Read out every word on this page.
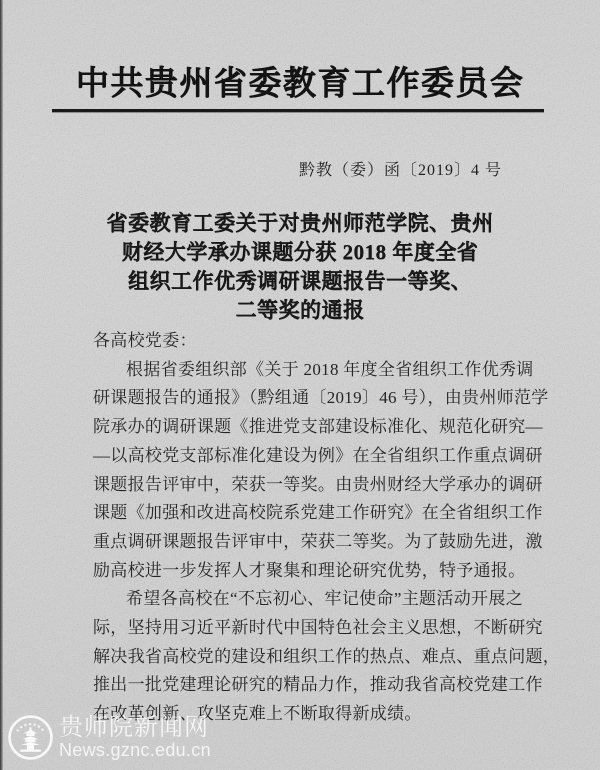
中共贵州省委教育工作委员会
黔教（委）函〔2019〕4 号
省委教育工委关于对贵州师范学院、贵州
财经大学承办课题分获 2018 年度全省
组织工作优秀调研课题报告一等奖、
二等奖的通报
各高校党委：
根据省委组织部《关于 2018 年度全省组织工作优秀调
研课题报告的通报》（黔组通〔2019〕46 号），由贵州师范学
院承办的调研课题《推进党支部建设标准化、规范化研究—
—以高校党支部标准化建设为例》在全省组织工作重点调研
课题报告评审中，荣获一等奖。由贵州财经大学承办的调研
课题《加强和改进高校院系党建工作研究》在全省组织工作
重点调研课题报告评审中，荣获二等奖。为了鼓励先进，激
励高校进一步发挥人才聚集和理论研究优势，特予通报。
希望各高校在“不忘初心、牢记使命”主题活动开展之
际，坚持用习近平新时代中国特色社会主义思想，不断研究
解决我省高校党的建设和组织工作的热点、难点、重点问题，
推出一批党建理论研究的精品力作，推动我省高校党建工作
在改革创新、攻坚克难上不断取得新成绩。
贵师院新闻网
News.gznc.edu.cn
